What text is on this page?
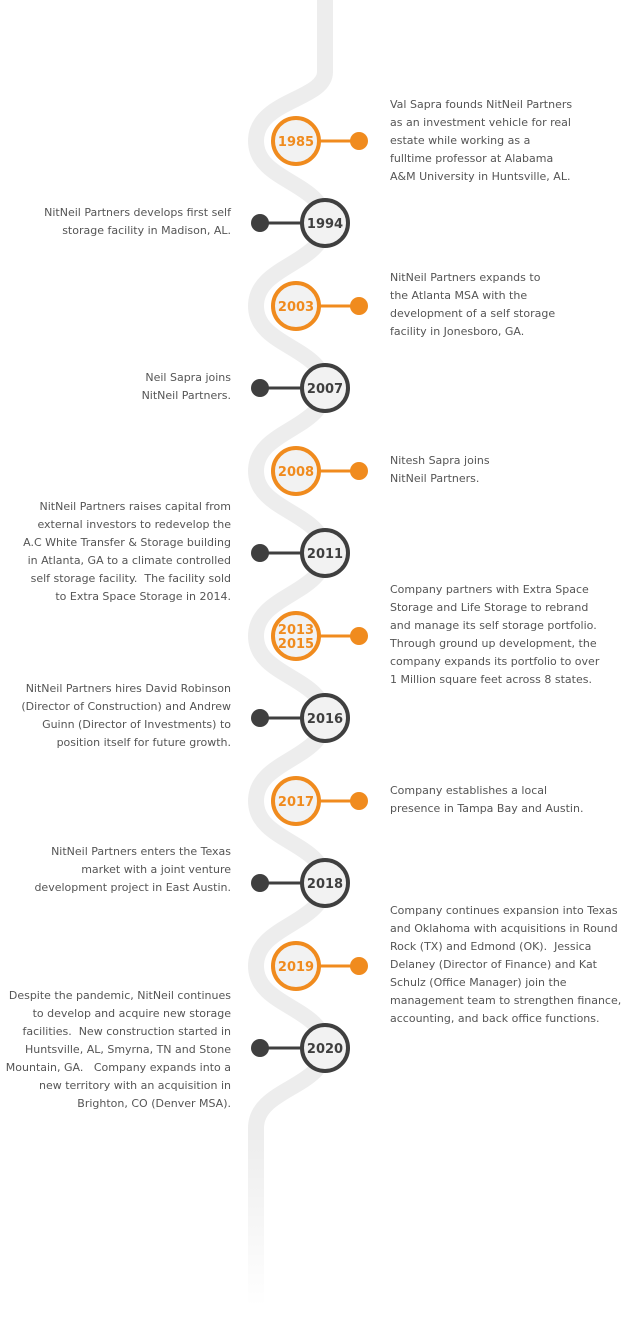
1985
1994
2003
2007
2008
2011
2013
2015
2016
2017
2018
2019
2020
Val Sapra founds NitNeil Partners
as an investment vehicle for real
estate while working as a
fulltime professor at Alabama
A&M University in Huntsville, AL.
NitNeil Partners develops first self
storage facility in Madison, AL.
NitNeil Partners expands to
the Atlanta MSA with the
development of a self storage
facility in Jonesboro, GA.
Neil Sapra joins
NitNeil Partners.
Nitesh Sapra joins
NitNeil Partners.
NitNeil Partners raises capital from
external investors to redevelop the
A.C White Transfer & Storage building
in Atlanta, GA to a climate controlled
self storage facility.  The facility sold
to Extra Space Storage in 2014.
Company partners with Extra Space
Storage and Life Storage to rebrand
and manage its self storage portfolio.
Through ground up development, the
company expands its portfolio to over
1 Million square feet across 8 states.
NitNeil Partners hires David Robinson
(Director of Construction) and Andrew
Guinn (Director of Investments) to
position itself for future growth.
Company establishes a local
presence in Tampa Bay and Austin.
NitNeil Partners enters the Texas
market with a joint venture
development project in East Austin.
Company continues expansion into Texas
and Oklahoma with acquisitions in Round
Rock (TX) and Edmond (OK).  Jessica
Delaney (Director of Finance) and Kat
Schulz (Office Manager) join the
management team to strengthen finance,
accounting, and back office functions.
Despite the pandemic, NitNeil continues
to develop and acquire new storage
facilities.  New construction started in
Huntsville, AL, Smyrna, TN and Stone
Mountain, GA.   Company expands into a
new territory with an acquisition in
Brighton, CO (Denver MSA).
